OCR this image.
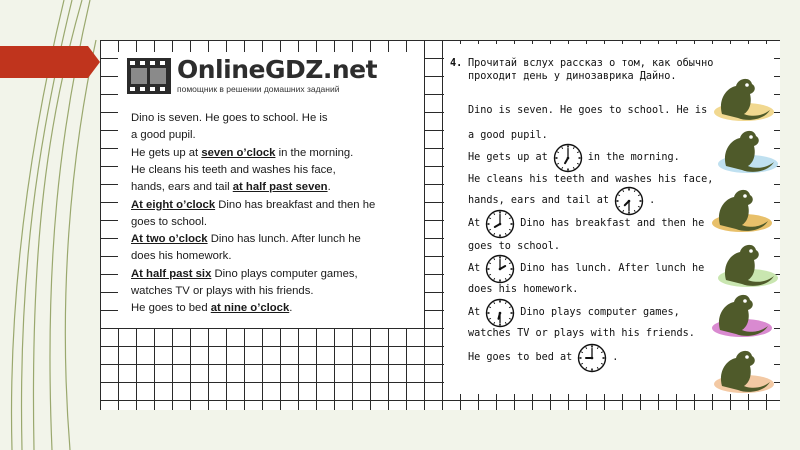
OnlineGDZ.net
помощник в решении домашних заданий
Dino is seven. He goes to school. He is
a good pupil.
He gets up at seven o’clock in the morning.
He cleans his teeth and washes his face,
hands, ears and tail at half past seven.
At eight o’clock Dino has breakfast and then he
goes to school.
At two o’clock Dino has lunch. After lunch he
does his homework.
At half past six Dino plays computer games,
watches TV or plays with his friends.
He goes to bed at nine o’clock.
4. Прочитай вслух рассказ о том, как обычно
проходит день у динозаврика Дайно.
Dino is seven. He goes to school. He is
a good pupil.
He gets up at	in the morning.
He cleans his teeth and washes his face,
hands, ears and tail at	.
At	Dino has breakfast and then he
goes to school.
At	Dino has lunch. After lunch he
does his homework.
At	Dino plays computer games,
watches TV or plays with his friends.
He goes to bed at	.
